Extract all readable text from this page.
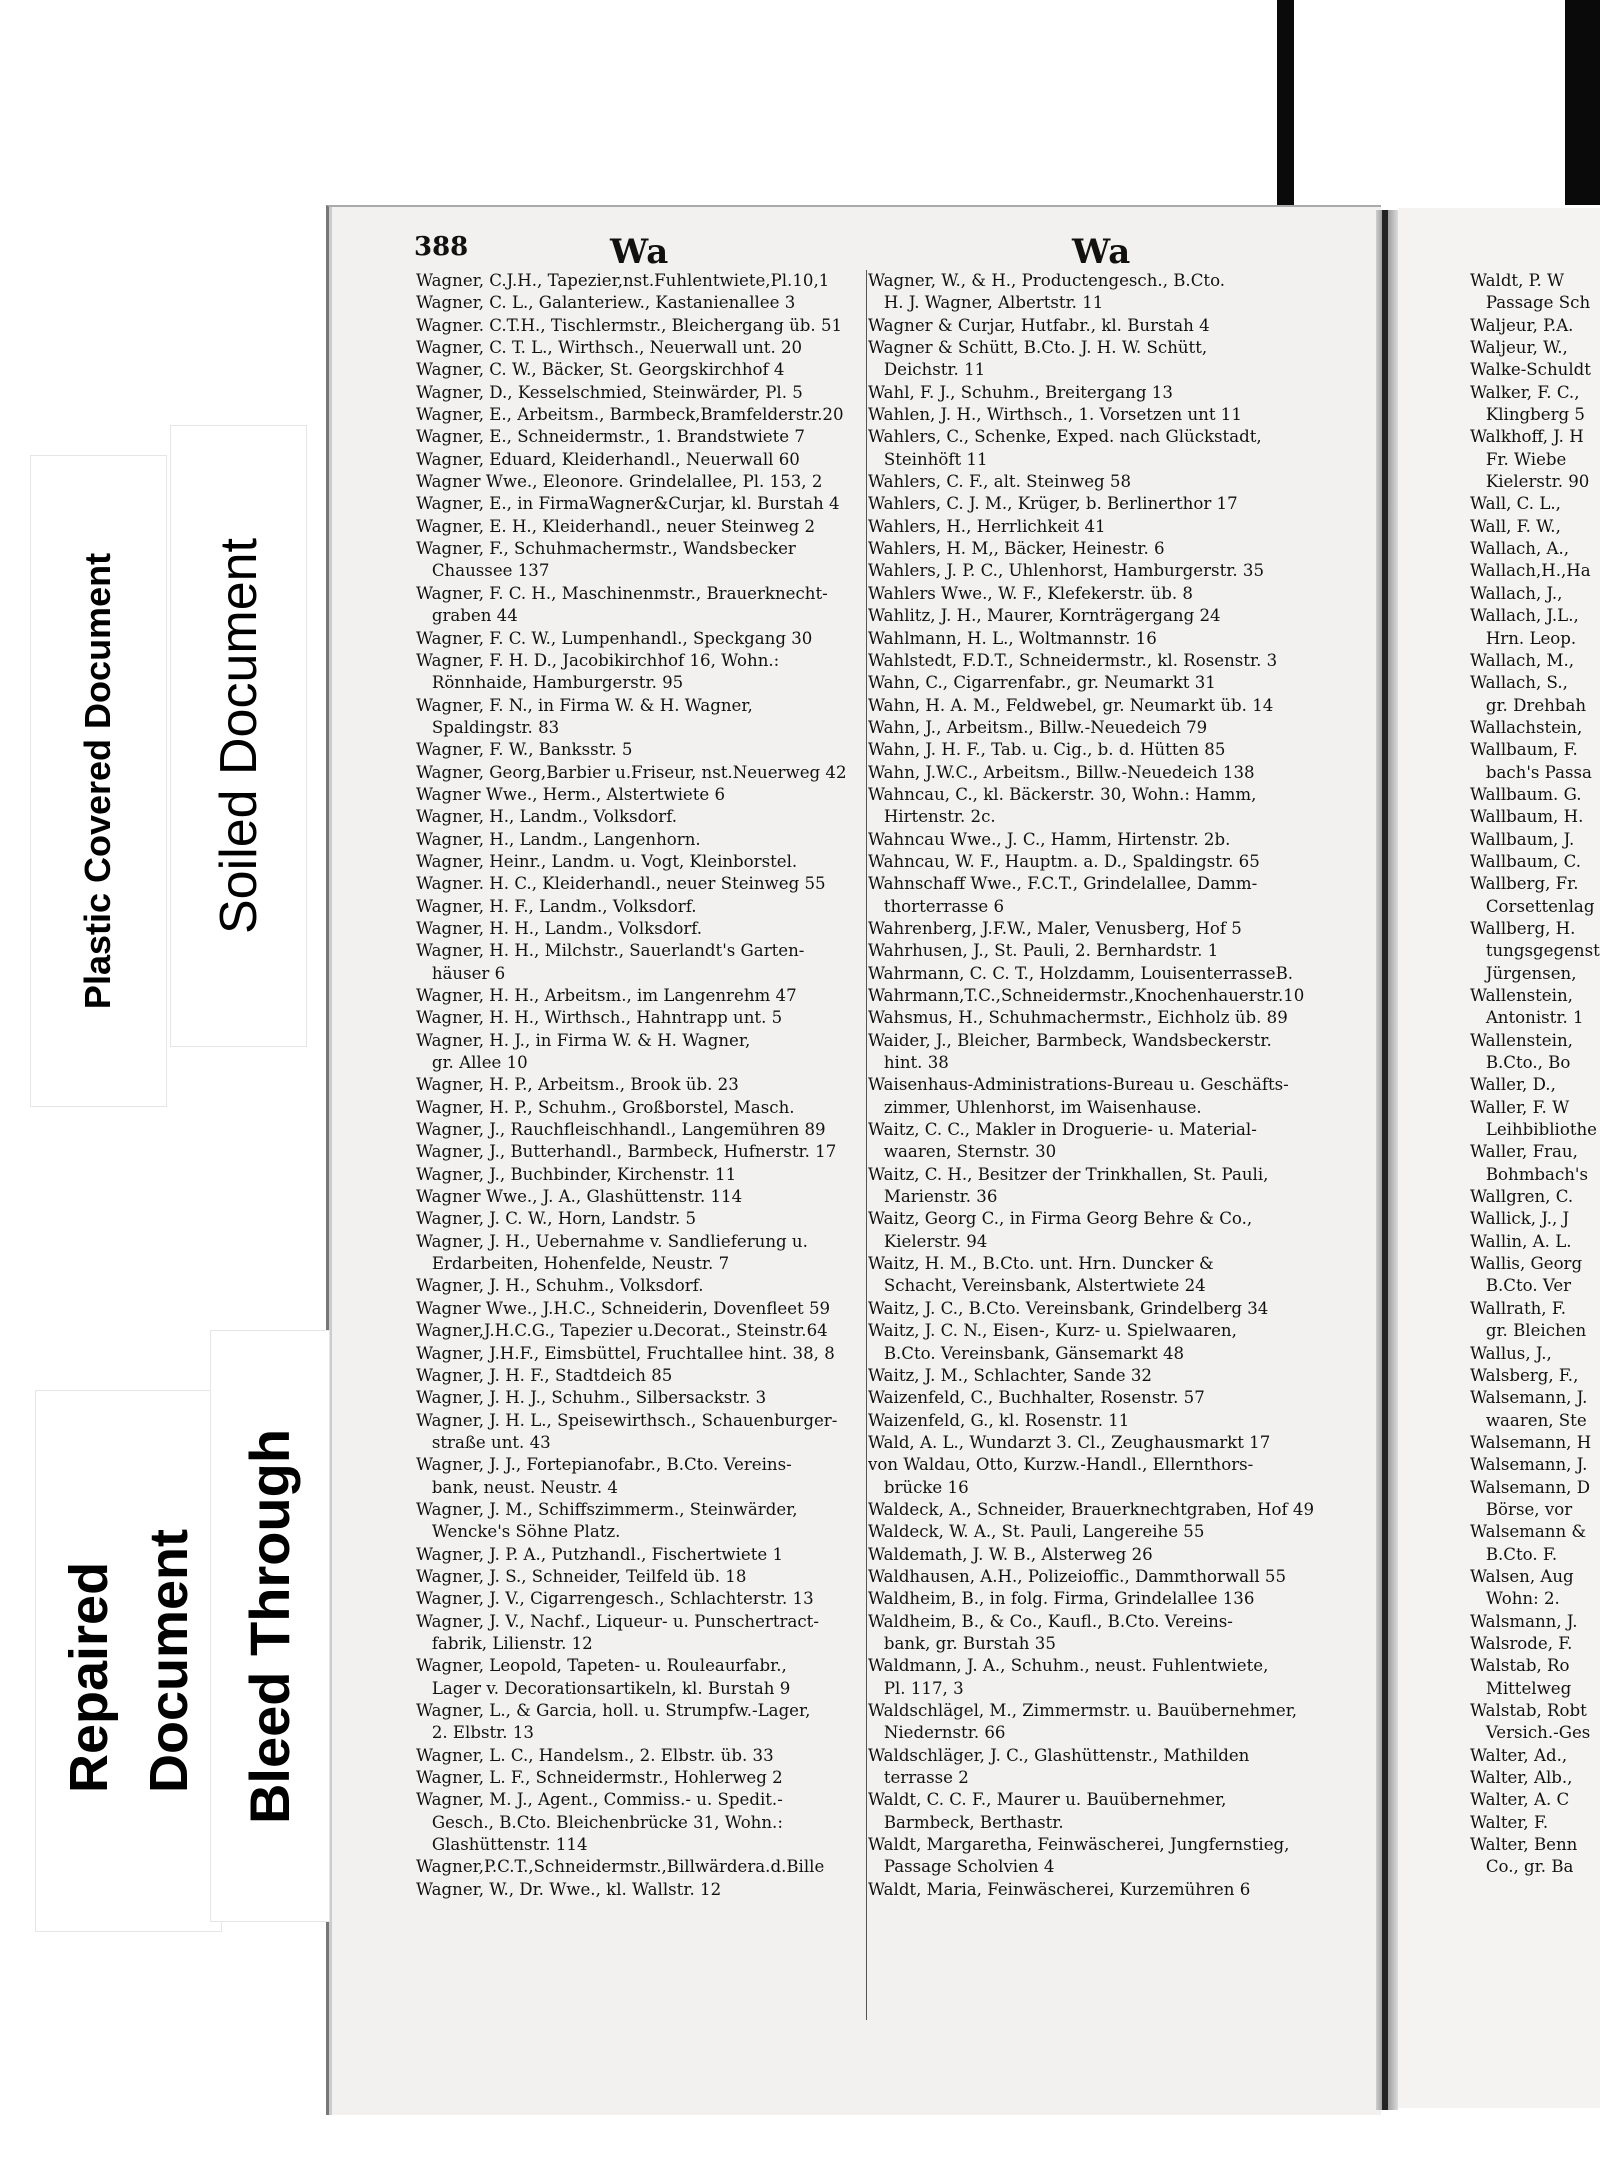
388	Wa	Wa
Wagner, C.J.H., Tapezier,nst.Fuhlentwiete,Pl.10,1
Wagner, C. L., Galanteriew., Kastanienallee 3
Wagner. C.T.H., Tischlermstr., Bleichergang üb. 51
Wagner, C. T. L., Wirthsch., Neuerwall unt. 20
Wagner, C. W., Bäcker, St. Georgskirchhof 4
Wagner, D., Kesselschmied, Steinwärder, Pl. 5
Wagner, E., Arbeitsm., Barmbeck,Bramfelderstr.20
Wagner, E., Schneidermstr., 1. Brandstwiete 7
Wagner, Eduard, Kleiderhandl., Neuerwall 60
Wagner Wwe., Eleonore. Grindelallee, Pl. 153, 2
Wagner, E., in FirmaWagner&Curjar, kl. Burstah 4
Wagner, E. H., Kleiderhandl., neuer Steinweg 2
Wagner, F., Schuhmachermstr., Wandsbecker
Chaussee 137
Wagner, F. C. H., Maschinenmstr., Brauerknecht-
graben 44
Wagner, F. C. W., Lumpenhandl., Speckgang 30
Wagner, F. H. D., Jacobikirchhof 16, Wohn.:
Rönnhaide, Hamburgerstr. 95
Wagner, F. N., in Firma W. & H. Wagner,
Spaldingstr. 83
Wagner, F. W., Banksstr. 5
Wagner, Georg,Barbier u.Friseur, nst.Neuerweg 42
Wagner Wwe., Herm., Alstertwiete 6
Wagner, H., Landm., Volksdorf.
Wagner, H., Landm., Langenhorn.
Wagner, Heinr., Landm. u. Vogt, Kleinborstel.
Wagner. H. C., Kleiderhandl., neuer Steinweg 55
Wagner, H. F., Landm., Volksdorf.
Wagner, H. H., Landm., Volksdorf.
Wagner, H. H., Milchstr., Sauerlandt's Garten-
häuser 6
Wagner, H. H., Arbeitsm., im Langenrehm 47
Wagner, H. H., Wirthsch., Hahntrapp unt. 5
Wagner, H. J., in Firma W. & H. Wagner,
gr. Allee 10
Wagner, H. P., Arbeitsm., Brook üb. 23
Wagner, H. P., Schuhm., Großborstel, Masch.
Wagner, J., Rauchfleischhandl., Langemühren 89
Wagner, J., Butterhandl., Barmbeck, Hufnerstr. 17
Wagner, J., Buchbinder, Kirchenstr. 11
Wagner Wwe., J. A., Glashüttenstr. 114
Wagner, J. C. W., Horn, Landstr. 5
Wagner, J. H., Uebernahme v. Sandlieferung u.
Erdarbeiten, Hohenfelde, Neustr. 7
Wagner, J. H., Schuhm., Volksdorf.
Wagner Wwe., J.H.C., Schneiderin, Dovenfleet 59
Wagner,J.H.C.G., Tapezier u.Decorat., Steinstr.64
Wagner, J.H.F., Eimsbüttel, Fruchtallee hint. 38, 8
Wagner, J. H. F., Stadtdeich 85
Wagner, J. H. J., Schuhm., Silbersackstr. 3
Wagner, J. H. L., Speisewirthsch., Schauenburger-
straße unt. 43
Wagner, J. J., Fortepianofabr., B.Cto. Vereins-
bank, neust. Neustr. 4
Wagner, J. M., Schiffszimmerm., Steinwärder,
Wencke's Söhne Platz.
Wagner, J. P. A., Putzhandl., Fischertwiete 1
Wagner, J. S., Schneider, Teilfeld üb. 18
Wagner, J. V., Cigarrengesch., Schlachterstr. 13
Wagner, J. V., Nachf., Liqueur- u. Punschertract-
fabrik, Lilienstr. 12
Wagner, Leopold, Tapeten- u. Rouleaurfabr.,
Lager v. Decorationsartikeln, kl. Burstah 9
Wagner, L., & Garcia, holl. u. Strumpfw.-Lager,
2. Elbstr. 13
Wagner, L. C., Handelsm., 2. Elbstr. üb. 33
Wagner, L. F., Schneidermstr., Hohlerweg 2
Wagner, M. J., Agent., Commiss.- u. Spedit.-
Gesch., B.Cto. Bleichenbrücke 31, Wohn.:
Glashüttenstr. 114
Wagner,P.C.T.,Schneidermstr.,Billwärdera.d.Bille
Wagner, W., Dr. Wwe., kl. Wallstr. 12
Wagner, W., & H., Productengesch., B.Cto.
H. J. Wagner, Albertstr. 11
Wagner & Curjar, Hutfabr., kl. Burstah 4
Wagner & Schütt, B.Cto. J. H. W. Schütt,
Deichstr. 11
Wahl, F. J., Schuhm., Breitergang 13
Wahlen, J. H., Wirthsch., 1. Vorsetzen unt 11
Wahlers, C., Schenke, Exped. nach Glückstadt,
Steinhöft 11
Wahlers, C. F., alt. Steinweg 58
Wahlers, C. J. M., Krüger, b. Berlinerthor 17
Wahlers, H., Herrlichkeit 41
Wahlers, H. M,, Bäcker, Heinestr. 6
Wahlers, J. P. C., Uhlenhorst, Hamburgerstr. 35
Wahlers Wwe., W. F., Klefekerstr. üb. 8
Wahlitz, J. H., Maurer, Kornträgergang 24
Wahlmann, H. L., Woltmannstr. 16
Wahlstedt, F.D.T., Schneidermstr., kl. Rosenstr. 3
Wahn, C., Cigarrenfabr., gr. Neumarkt 31
Wahn, H. A. M., Feldwebel, gr. Neumarkt üb. 14
Wahn, J., Arbeitsm., Billw.-Neuedeich 79
Wahn, J. H. F., Tab. u. Cig., b. d. Hütten 85
Wahn, J.W.C., Arbeitsm., Billw.-Neuedeich 138
Wahncau, C., kl. Bäckerstr. 30, Wohn.: Hamm,
Hirtenstr. 2c.
Wahncau Wwe., J. C., Hamm, Hirtenstr. 2b.
Wahncau, W. F., Hauptm. a. D., Spaldingstr. 65
Wahnschaff Wwe., F.C.T., Grindelallee, Damm-
thorterrasse 6
Wahrenberg, J.F.W., Maler, Venusberg, Hof 5
Wahrhusen, J., St. Pauli, 2. Bernhardstr. 1
Wahrmann, C. C. T., Holzdamm, LouisenterrasseB.
Wahrmann,T.C.,Schneidermstr.,Knochenhauerstr.10
Wahsmus, H., Schuhmachermstr., Eichholz üb. 89
Waider, J., Bleicher, Barmbeck, Wandsbeckerstr.
hint. 38
Waisenhaus-Administrations-Bureau u. Geschäfts-
zimmer, Uhlenhorst, im Waisenhause.
Waitz, C. C., Makler in Droguerie- u. Material-
waaren, Sternstr. 30
Waitz, C. H., Besitzer der Trinkhallen, St. Pauli,
Marienstr. 36
Waitz, Georg C., in Firma Georg Behre & Co.,
Kielerstr. 94
Waitz, H. M., B.Cto. unt. Hrn. Duncker &
Schacht, Vereinsbank, Alstertwiete 24
Waitz, J. C., B.Cto. Vereinsbank, Grindelberg 34
Waitz, J. C. N., Eisen-, Kurz- u. Spielwaaren,
B.Cto. Vereinsbank, Gänsemarkt 48
Waitz, J. M., Schlachter, Sande 32
Waizenfeld, C., Buchhalter, Rosenstr. 57
Waizenfeld, G., kl. Rosenstr. 11
Wald, A. L., Wundarzt 3. Cl., Zeughausmarkt 17
von Waldau, Otto, Kurzw.-Handl., Ellernthors-
brücke 16
Waldeck, A., Schneider, Brauerknechtgraben, Hof 49
Waldeck, W. A., St. Pauli, Langereihe 55
Waldemath, J. W. B., Alsterweg 26
Waldhausen, A.H., Polizeioffic., Dammthorwall 55
Waldheim, B., in folg. Firma, Grindelallee 136
Waldheim, B., & Co., Kaufl., B.Cto. Vereins-
bank, gr. Burstah 35
Waldmann, J. A., Schuhm., neust. Fuhlentwiete,
Pl. 117, 3
Waldschlägel, M., Zimmermstr. u. Bauübernehmer,
Niedernstr. 66
Waldschläger, J. C., Glashüttenstr., Mathilden
terrasse 2
Waldt, C. C. F., Maurer u. Bauübernehmer,
Barmbeck, Berthastr.
Waldt, Margaretha, Feinwäscherei, Jungfernstieg,
Passage Scholvien 4
Waldt, Maria, Feinwäscherei, Kurzemühren 6
Waldt, P. W
Passage Sch
Waljeur, P.A.
Waljeur, W.,
Walke-Schuldt
Walker, F. C.,
Klingberg 5
Walkhoff, J. H
Fr. Wiebe
Kielerstr. 90
Wall, C. L.,
Wall, F. W.,
Wallach, A.,
Wallach,H.,Ha
Wallach, J.,
Wallach, J.L.,
Hrn. Leop.
Wallach, M.,
Wallach, S.,
gr. Drehbah
Wallachstein,
Wallbaum, F.
bach's Passa
Wallbaum. G.
Wallbaum, H.
Wallbaum, J.
Wallbaum, C.
Wallberg, Fr.
Corsettenlag
Wallberg, H.
tungsgegenst
Jürgensen,
Wallenstein,
Antonistr. 1
Wallenstein,
B.Cto., Bo
Waller, D.,
Waller, F. W
Leihbibliothe
Waller, Frau,
Bohmbach's
Wallgren, C.
Wallick, J., J
Wallin, A. L.
Wallis, Georg
B.Cto. Ver
Wallrath, F.
gr. Bleichen
Wallus, J.,
Walsberg, F.,
Walsemann, J.
waaren, Ste
Walsemann, H
Walsemann, J.
Walsemann, D
Börse, vor
Walsemann &
B.Cto. F.
Walsen, Aug
Wohn: 2.
Walsmann, J.
Walsrode, F.
Walstab, Ro
Mittelweg
Walstab, Robt
Versich.-Ges
Walter, Ad.,
Walter, Alb.,
Walter, A. C
Walter, F.
Walter, Benn
Co., gr. Ba
Plastic Covered Document Soiled Document
Repaired
Document Bleed Through
